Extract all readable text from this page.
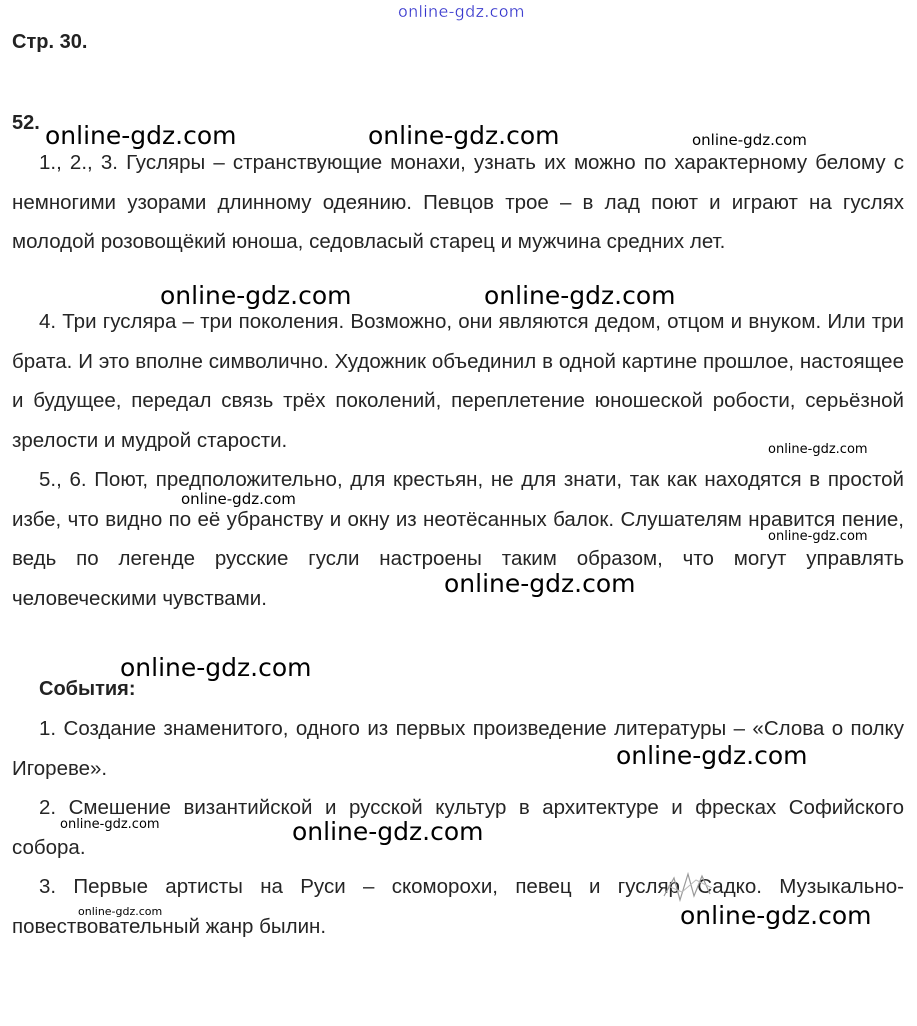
online-gdz.com
Стр. 30.
52.

1., 2., 3. Гусляры – странствующие монахи, узнать их можно по характерному белому с немногими узорами длинному одеянию. Певцов трое – в лад поют и играют на гуслях молодой розовощёкий юноша, седовласый старец и мужчина средних лет.

4. Три гусляра – три поколения. Возможно, они являются дедом, отцом и внуком. Или три брата. И это вполне символично. Художник объединил в одной картине прошлое, настоящее и будущее, передал связь трёх поколений, переплетение юношеской робости, серьёзной зрелости и мудрой старости.

5., 6. Поют, предположительно, для крестьян, не для знати, так как находятся в простой избе, что видно по её убранству и окну из неотёсанных балок. Слушателям нравится пение, ведь по легенде русские гусли настроены таким образом, что могут управлять человеческими чувствами.

События:

1. Создание знаменитого, одного из первых произведение литературы – «Слова о полку Игореве».

2. Смешение византийской и русской культур в архитектуре и фресках Софийского собора.

3. Первые артисты на Руси – скоморохи, певец и гусляр Садко. Музыкально-повествовательный жанр былин.

online-gdz.com	online-gdz.com	online-gdz.com
online-gdz.com	online-gdz.com
online-gdz.com
online-gdz.com
online-gdz.com
online-gdz.com
online-gdz.com
online-gdz.com
online-gdz.com	online-gdz.com
online-gdz.com
online-gdz.com
